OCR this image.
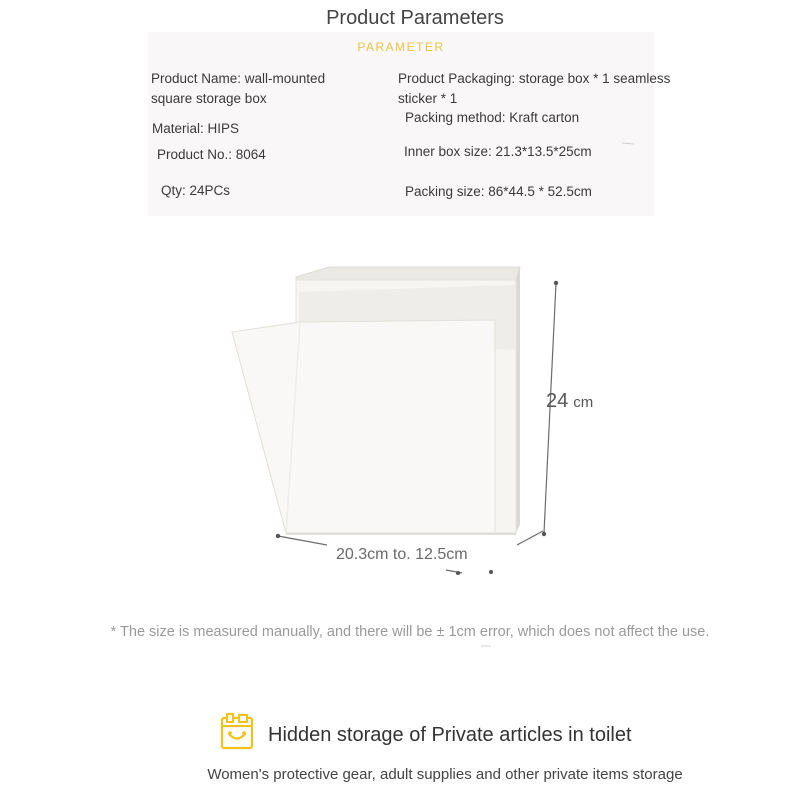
Product Parameters
PARAMETER
Product Name: wall-mounted
square storage box
Material: HIPS
Product No.: 8064
Qty: 24PCs
Product Packaging: storage box * 1 seamless
sticker * 1
Packing method: Kraft carton
Inner box size: 21.3*13.5*25cm
Packing size: 86*44.5 * 52.5cm
24 cm
20.3cm to. 12.5cm
* The size is measured manually, and there will be ± 1cm error, which does not affect the use.
Hidden storage of Private articles in toilet
Women's protective gear, adult supplies and other private items storage
